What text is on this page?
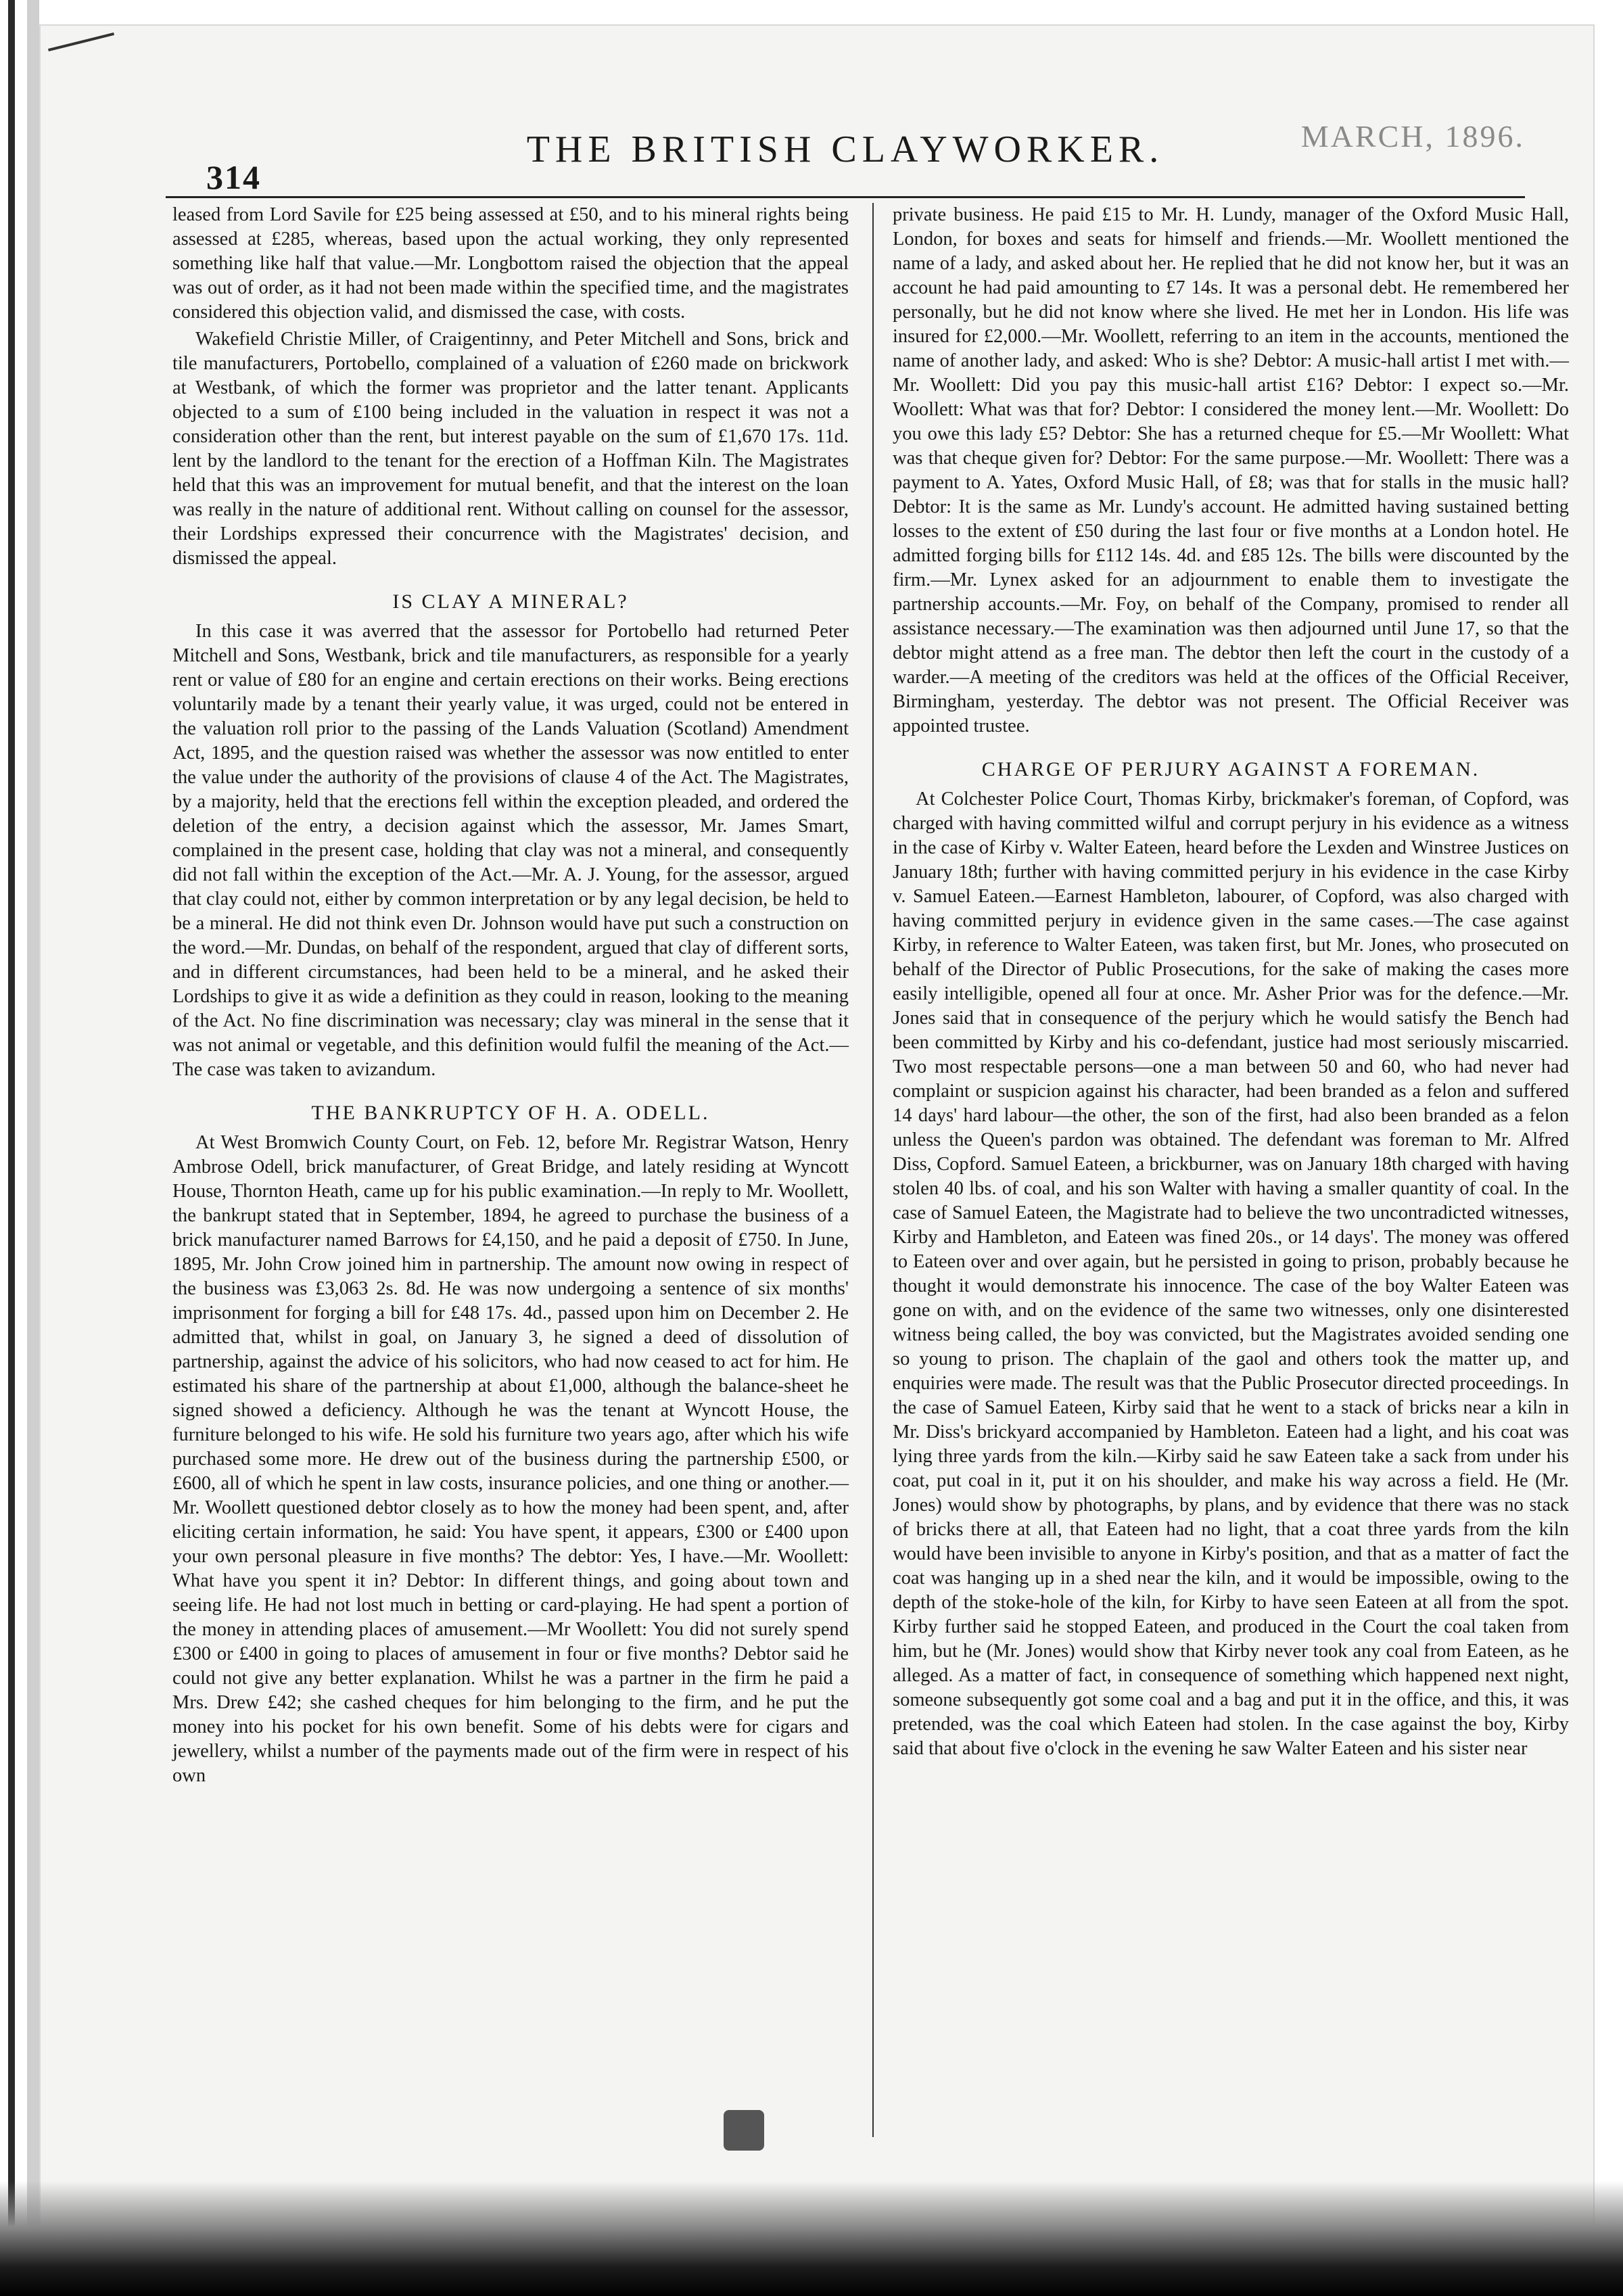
314
THE BRITISH CLAYWORKER.	MARCH, 1896.

leased from Lord Savile for £25 being assessed at £50, and to his mineral rights being assessed at £285, whereas, based upon the actual working, they only represented something like half that value.—Mr. Longbottom raised the objection that the appeal was out of order, as it had not been made within the specified time, and the magistrates considered this objection valid, and dismissed the case, with costs.

Wakefield Christie Miller, of Craigentinny, and Peter Mitchell and Sons, brick and tile manufacturers, Portobello, complained of a valuation of £260 made on brickwork at Westbank, of which the former was proprietor and the latter tenant. Applicants objected to a sum of £100 being included in the valuation in respect it was not a consideration other than the rent, but interest payable on the sum of £1,670 17s. 11d. lent by the landlord to the tenant for the erection of a Hoffman Kiln. The Magistrates held that this was an improvement for mutual benefit, and that the interest on the loan was really in the nature of additional rent. Without calling on counsel for the assessor, their Lordships expressed their concurrence with the Magistrates' decision, and dismissed the appeal.

IS CLAY A MINERAL?

In this case it was averred that the assessor for Portobello had returned Peter Mitchell and Sons, Westbank, brick and tile manufacturers, as responsible for a yearly rent or value of £80 for an engine and certain erections on their works. Being erections voluntarily made by a tenant their yearly value, it was urged, could not be entered in the valuation roll prior to the passing of the Lands Valuation (Scotland) Amendment Act, 1895, and the question raised was whether the assessor was now entitled to enter the value under the authority of the provisions of clause 4 of the Act. The Magistrates, by a majority, held that the erections fell within the exception pleaded, and ordered the deletion of the entry, a decision against which the assessor, Mr. James Smart, complained in the present case, holding that clay was not a mineral, and consequently did not fall within the exception of the Act.—Mr. A. J. Young, for the assessor, argued that clay could not, either by common interpretation or by any legal decision, be held to be a mineral. He did not think even Dr. Johnson would have put such a construction on the word.—Mr. Dundas, on behalf of the respondent, argued that clay of different sorts, and in different circumstances, had been held to be a mineral, and he asked their Lordships to give it as wide a definition as they could in reason, looking to the meaning of the Act. No fine discrimination was necessary; clay was mineral in the sense that it was not animal or vegetable, and this definition would fulfil the meaning of the Act.—The case was taken to avizandum.

THE BANKRUPTCY OF H. A. ODELL.

At West Bromwich County Court, on Feb. 12, before Mr. Registrar Watson, Henry Ambrose Odell, brick manufacturer, of Great Bridge, and lately residing at Wyncott House, Thornton Heath, came up for his public examination.—In reply to Mr. Woollett, the bankrupt stated that in September, 1894, he agreed to purchase the business of a brick manufacturer named Barrows for £4,150, and he paid a deposit of £750. In June, 1895, Mr. John Crow joined him in partnership. The amount now owing in respect of the business was £3,063 2s. 8d. He was now undergoing a sentence of six months' imprisonment for forging a bill for £48 17s. 4d., passed upon him on December 2. He admitted that, whilst in goal, on January 3, he signed a deed of dissolution of partnership, against the advice of his solicitors, who had now ceased to act for him. He estimated his share of the partnership at about £1,000, although the balance-sheet he signed showed a deficiency. Although he was the tenant at Wyncott House, the furniture belonged to his wife. He sold his furniture two years ago, after which his wife purchased some more. He drew out of the business during the partnership £500, or £600, all of which he spent in law costs, insurance policies, and one thing or another.—Mr. Woollett questioned debtor closely as to how the money had been spent, and, after eliciting certain information, he said: You have spent, it appears, £300 or £400 upon your own personal pleasure in five months? The debtor: Yes, I have.—Mr. Woollett: What have you spent it in? Debtor: In different things, and going about town and seeing life. He had not lost much in betting or card-playing. He had spent a portion of the money in attending places of amusement.—Mr Woollett: You did not surely spend £300 or £400 in going to places of amusement in four or five months? Debtor said he could not give any better explanation. Whilst he was a partner in the firm he paid a Mrs. Drew £42; she cashed cheques for him belonging to the firm, and he put the money into his pocket for his own benefit. Some of his debts were for cigars and jewellery, whilst a number of the payments made out of the firm were in respect of his own

private business. He paid £15 to Mr. H. Lundy, manager of the Oxford Music Hall, London, for boxes and seats for himself and friends.—Mr. Woollett mentioned the name of a lady, and asked about her. He replied that he did not know her, but it was an account he had paid amounting to £7 14s. It was a personal debt. He remembered her personally, but he did not know where she lived. He met her in London. His life was insured for £2,000.—Mr. Woollett, referring to an item in the accounts, mentioned the name of another lady, and asked: Who is she? Debtor: A music-hall artist I met with.—Mr. Woollett: Did you pay this music-hall artist £16? Debtor: I expect so.—Mr. Woollett: What was that for? Debtor: I considered the money lent.—Mr. Woollett: Do you owe this lady £5? Debtor: She has a returned cheque for £5.—Mr Woollett: What was that cheque given for? Debtor: For the same purpose.—Mr. Woollett: There was a payment to A. Yates, Oxford Music Hall, of £8; was that for stalls in the music hall? Debtor: It is the same as Mr. Lundy's account. He admitted having sustained betting losses to the extent of £50 during the last four or five months at a London hotel. He admitted forging bills for £112 14s. 4d. and £85 12s. The bills were discounted by the firm.—Mr. Lynex asked for an adjournment to enable them to investigate the partnership accounts.—Mr. Foy, on behalf of the Company, promised to render all assistance necessary.—The examination was then adjourned until June 17, so that the debtor might attend as a free man. The debtor then left the court in the custody of a warder.—A meeting of the creditors was held at the offices of the Official Receiver, Birmingham, yesterday. The debtor was not present. The Official Receiver was appointed trustee.

CHARGE OF PERJURY AGAINST A FOREMAN.

At Colchester Police Court, Thomas Kirby, brickmaker's foreman, of Copford, was charged with having committed wilful and corrupt perjury in his evidence as a witness in the case of Kirby v. Walter Eateen, heard before the Lexden and Winstree Justices on January 18th; further with having committed perjury in his evidence in the case Kirby v. Samuel Eateen.—Earnest Hambleton, labourer, of Copford, was also charged with having committed perjury in evidence given in the same cases.—The case against Kirby, in reference to Walter Eateen, was taken first, but Mr. Jones, who prosecuted on behalf of the Director of Public Prosecutions, for the sake of making the cases more easily intelligible, opened all four at once. Mr. Asher Prior was for the defence.—Mr. Jones said that in consequence of the perjury which he would satisfy the Bench had been committed by Kirby and his co-defendant, justice had most seriously miscarried. Two most respectable persons—one a man between 50 and 60, who had never had complaint or suspicion against his character, had been branded as a felon and suffered 14 days' hard labour—the other, the son of the first, had also been branded as a felon unless the Queen's pardon was obtained. The defendant was foreman to Mr. Alfred Diss, Copford. Samuel Eateen, a brickburner, was on January 18th charged with having stolen 40 lbs. of coal, and his son Walter with having a smaller quantity of coal. In the case of Samuel Eateen, the Magistrate had to believe the two uncontradicted witnesses, Kirby and Hambleton, and Eateen was fined 20s., or 14 days'. The money was offered to Eateen over and over again, but he persisted in going to prison, probably because he thought it would demonstrate his innocence. The case of the boy Walter Eateen was gone on with, and on the evidence of the same two witnesses, only one disinterested witness being called, the boy was convicted, but the Magistrates avoided sending one so young to prison. The chaplain of the gaol and others took the matter up, and enquiries were made. The result was that the Public Prosecutor directed proceedings. In the case of Samuel Eateen, Kirby said that he went to a stack of bricks near a kiln in Mr. Diss's brickyard accompanied by Hambleton. Eateen had a light, and his coat was lying three yards from the kiln.—Kirby said he saw Eateen take a sack from under his coat, put coal in it, put it on his shoulder, and make his way across a field. He (Mr. Jones) would show by photographs, by plans, and by evidence that there was no stack of bricks there at all, that Eateen had no light, that a coat three yards from the kiln would have been invisible to anyone in Kirby's position, and that as a matter of fact the coat was hanging up in a shed near the kiln, and it would be impossible, owing to the depth of the stoke-hole of the kiln, for Kirby to have seen Eateen at all from the spot. Kirby further said he stopped Eateen, and produced in the Court the coal taken from him, but he (Mr. Jones) would show that Kirby never took any coal from Eateen, as he alleged. As a matter of fact, in consequence of something which happened next night, someone subsequently got some coal and a bag and put it in the office, and this, it was pretended, was the coal which Eateen had stolen. In the case against the boy, Kirby said that about five o'clock in the evening he saw Walter Eateen and his sister near
